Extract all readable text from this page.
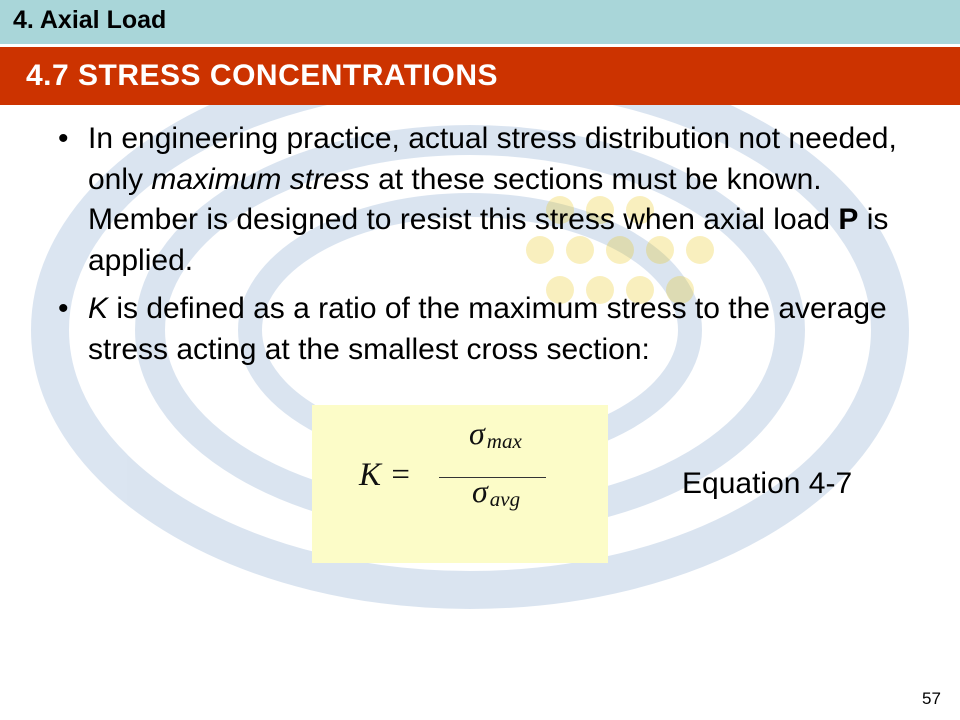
4. Axial Load
4.7 STRESS CONCENTRATIONS
• In engineering practice, actual stress distribution not needed, only maximum stress at these sections must be known. Member is designed to resist this stress when axial load P is applied.
• K is defined as a ratio of the maximum stress to the average stress acting at the smallest cross section:
K =
σmax
σavg	Equation 4-7
57
